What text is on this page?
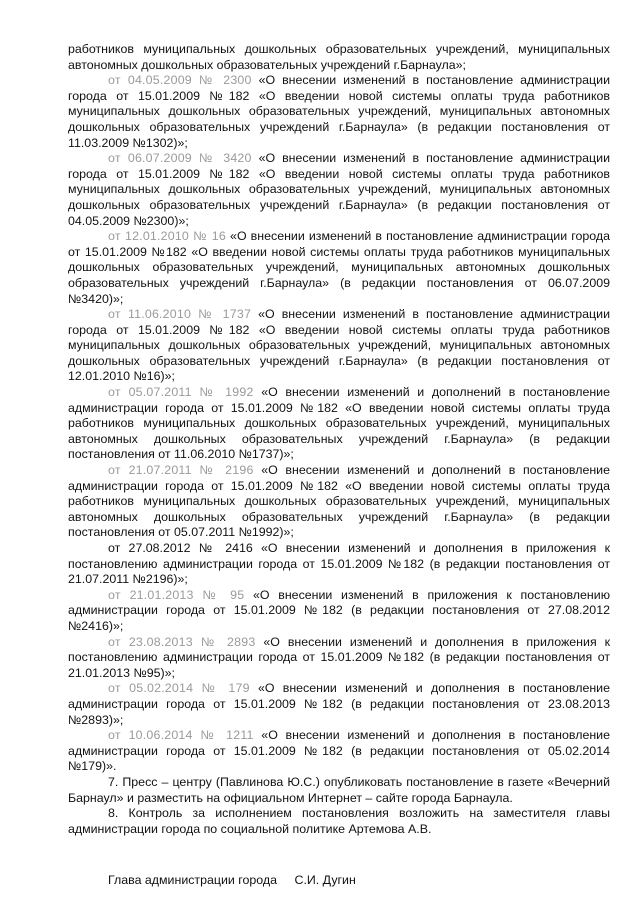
работников муниципальных дошкольных образовательных учреждений, муниципальных автономных дошкольных образовательных учреждений г.Барнаула»;

от 04.05.2009 № 2300 «О внесении изменений в постановление администрации города от 15.01.2009 №182 «О введении новой системы оплаты труда работников муниципальных дошкольных образовательных учреждений, муниципальных автономных дошкольных образовательных учреждений г.Барнаула» (в редакции постановления от 11.03.2009 №1302)»;

от 06.07.2009 № 3420 «О внесении изменений в постановление администрации города от 15.01.2009 №182 «О введении новой системы оплаты труда работников муниципальных дошкольных образовательных учреждений, муниципальных автономных дошкольных образовательных учреждений г.Барнаула» (в редакции постановления от 04.05.2009 №2300)»;

от 12.01.2010 № 16 «О внесении изменений в постановление администрации города от 15.01.2009 №182 «О введении новой системы оплаты труда работников муниципальных дошкольных образовательных учреждений, муниципальных автономных дошкольных образовательных учреждений г.Барнаула» (в редакции постановления от 06.07.2009 №3420)»;

от 11.06.2010 № 1737 «О внесении изменений в постановление администрации города от 15.01.2009 №182 «О введении новой системы оплаты труда работников муниципальных дошкольных образовательных учреждений, муниципальных автономных дошкольных образовательных учреждений г.Барнаула» (в редакции постановления от 12.01.2010 №16)»;

от 05.07.2011 № 1992 «О внесении изменений и дополнений в постановление администрации города от 15.01.2009 №182 «О введении новой системы оплаты труда работников муниципальных дошкольных образовательных учреждений, муниципальных автономных дошкольных образовательных учреждений г.Барнаула» (в редакции постановления от 11.06.2010 №1737)»;

от 21.07.2011 № 2196 «О внесении изменений и дополнений в постановление администрации города от 15.01.2009 №182 «О введении новой системы оплаты труда работников муниципальных дошкольных образовательных учреждений, муниципальных автономных дошкольных образовательных учреждений г.Барнаула» (в редакции постановления от 05.07.2011 №1992)»;

от 27.08.2012 № 2416 «О внесении изменений и дополнения в приложения к постановлению администрации города от 15.01.2009 №182 (в редакции постановления от 21.07.2011 №2196)»;

от 21.01.2013 № 95 «О внесении изменений в приложения к постановлению администрации города от 15.01.2009 №182 (в редакции постановления от 27.08.2012 №2416)»;

от 23.08.2013 № 2893 «О внесении изменений и дополнения в приложения к постановлению администрации города от 15.01.2009 №182 (в редакции постановления от 21.01.2013 №95)»;

от 05.02.2014 № 179 «О внесении изменений и дополнения в постановление администрации города от 15.01.2009 №182 (в редакции постановления от 23.08.2013 №2893)»;

от 10.06.2014 № 1211 «О внесении изменений и дополнения в постановление администрации города от 15.01.2009 №182 (в редакции постановления от 05.02.2014 №179)».

7. Пресс – центру (Павлинова Ю.С.) опубликовать постановление в газете «Вечерний Барнаул» и разместить на официальном Интернет – сайте города Барнаула.

8. Контроль за исполнением постановления возложить на заместителя главы администрации города по социальной политике Артемова А.В.

Глава администрации города С.И. Дугин
